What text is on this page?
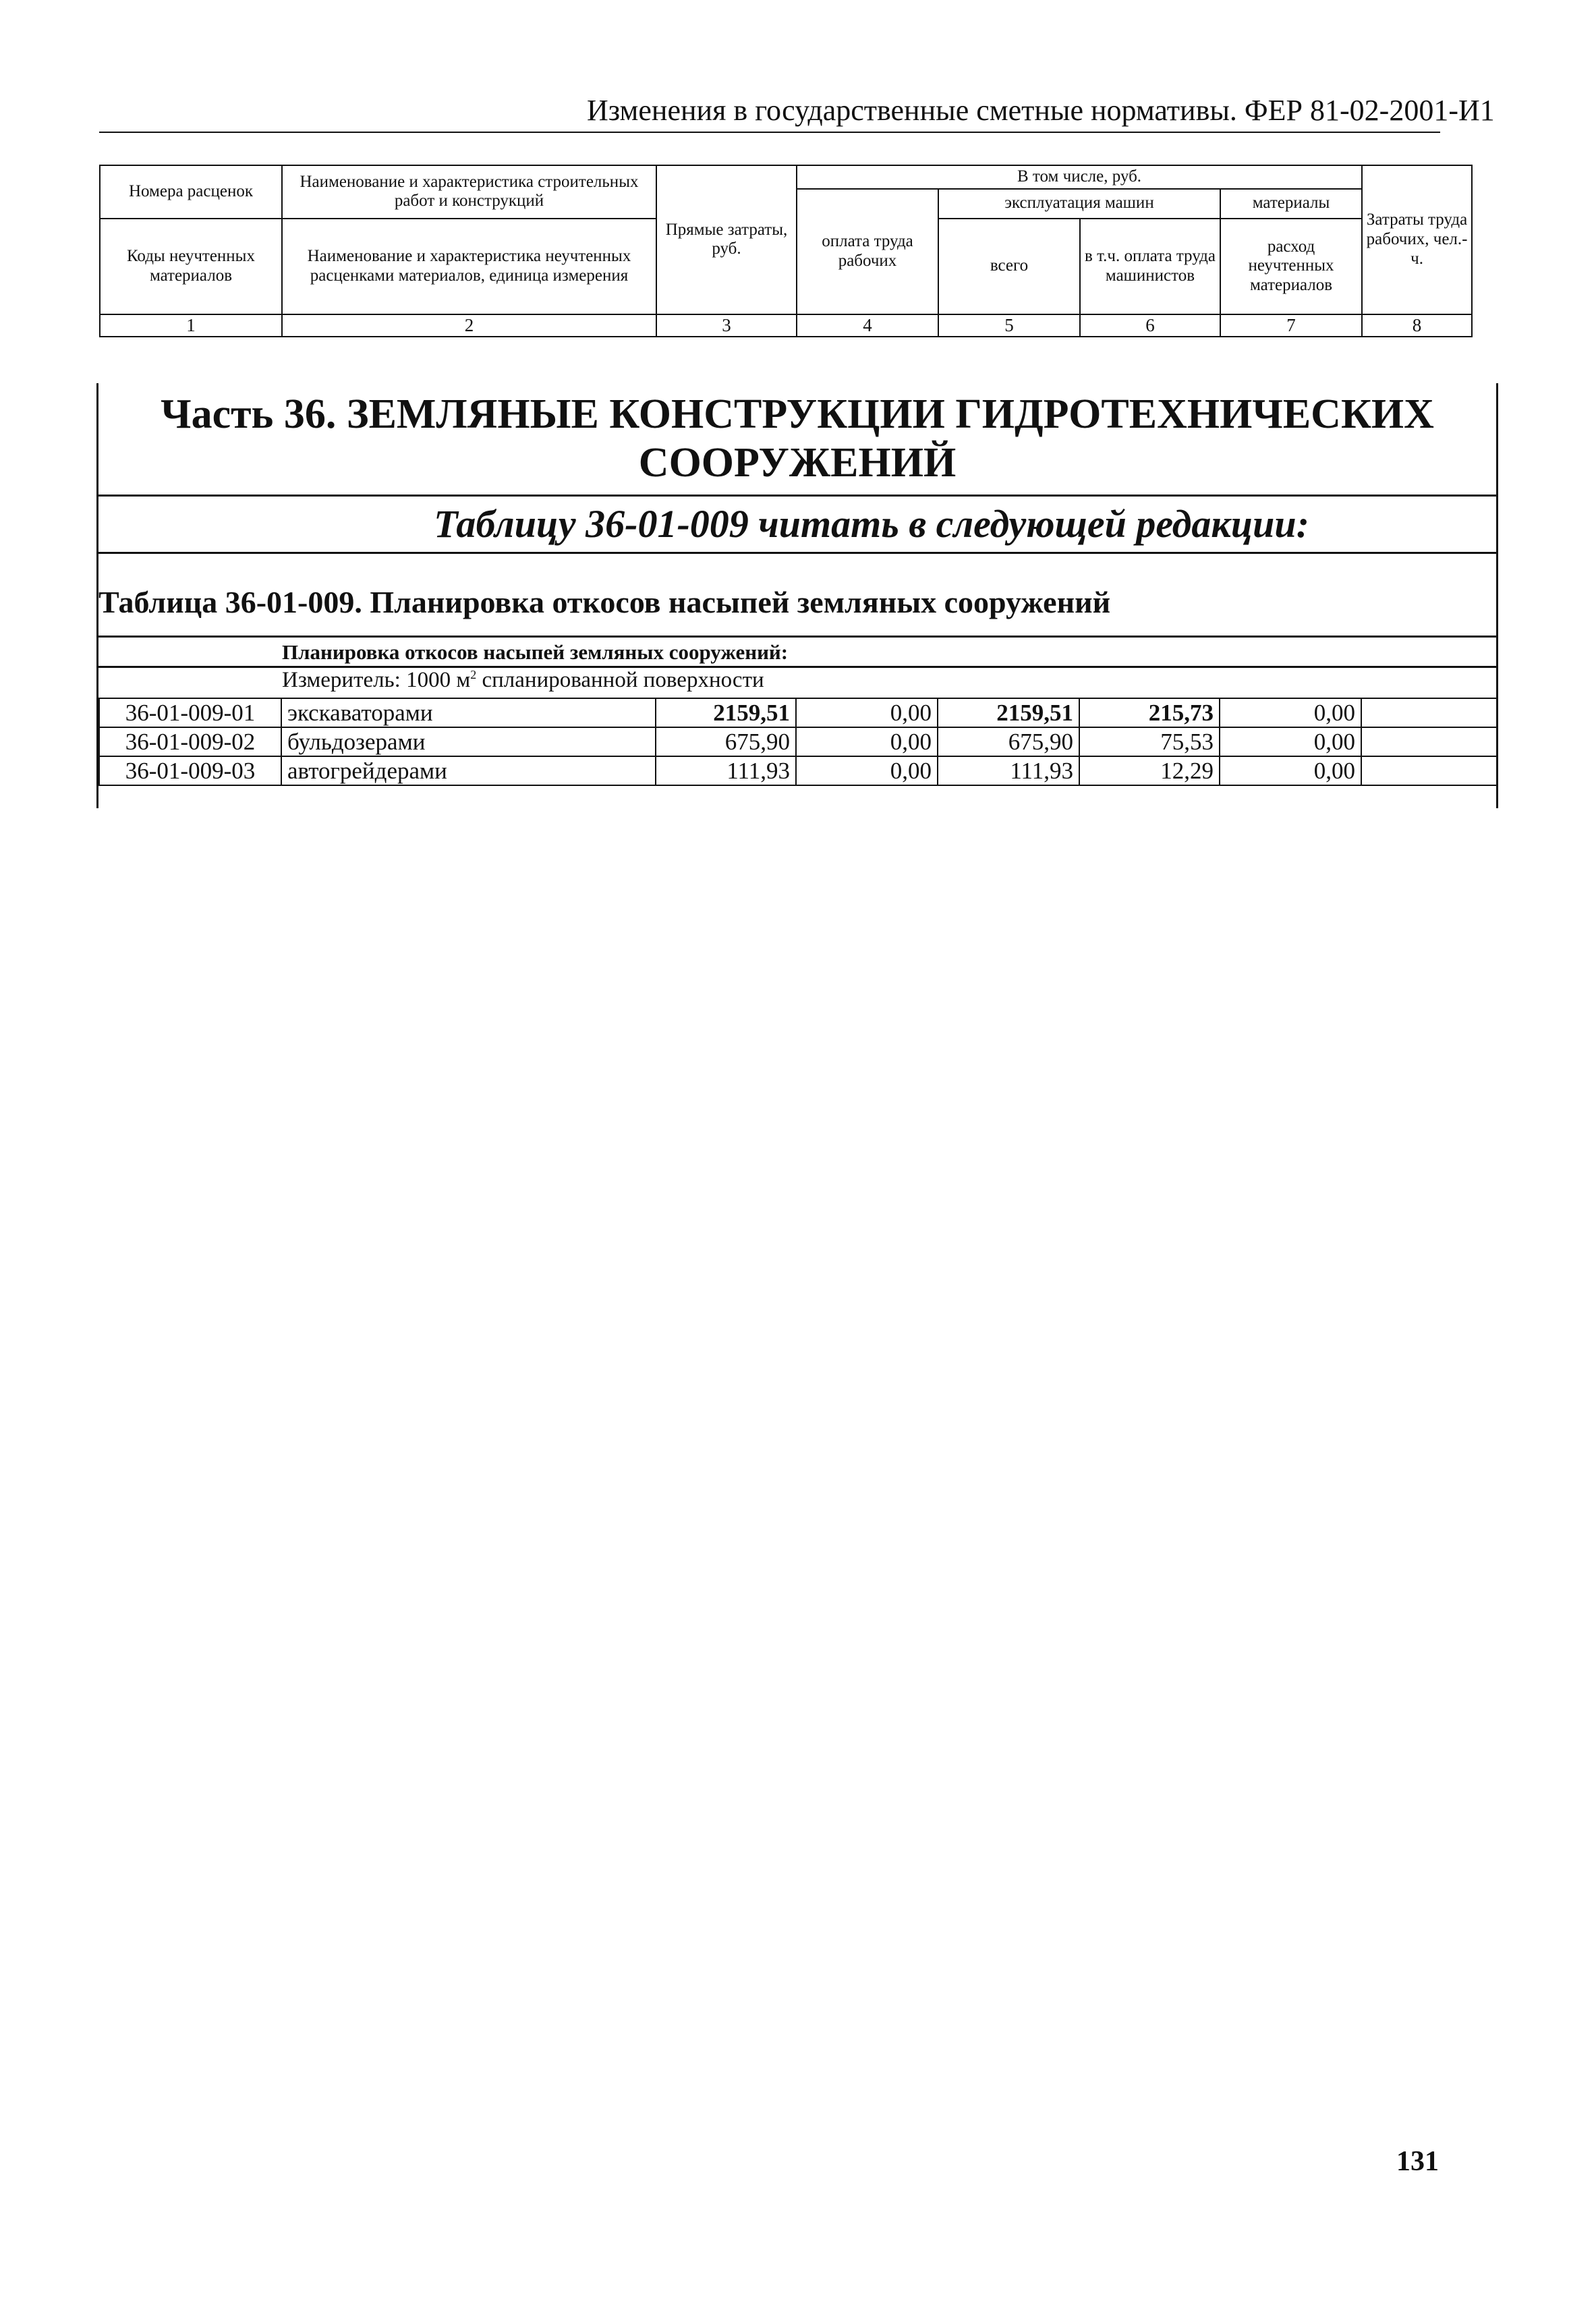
Изменения в государственные сметные нормативы. ФЕР 81-02-2001-И1
Номера расценок	Наименование и характеристика строительных работ и конструкций	Прямые затраты, руб.	В том числе, руб.				Затраты труда рабочих, чел.-ч.
			оплата труда рабочих	эксплуатация машин		материалы	
Коды неучтенных материалов	Наименование и характеристика неучтенных расценками материалов, единица измерения			всего	в т.ч. оплата труда машинистов	расход неучтенных материалов	

1	2	3	4	5	6	7	8
Часть 36. ЗЕМЛЯНЫЕ КОНСТРУКЦИИ ГИДРОТЕХНИЧЕСКИХ СООРУЖЕНИЙ
Таблицу 36-01-009 читать в следующей редакции:
Таблица 36-01-009. Планировка откосов насыпей земляных сооружений
Планировка откосов насыпей земляных сооружений:
Измеритель: 1000 $м^2$ спланированной поверхности
36-01-009-01	экскаваторами	2159,51	0,00	2159,51	215,73	0,00	
36-01-009-02	бульдозерами	675,90	0,00	675,90	75,53	0,00	
36-01-009-03	автогрейдерами	111,93	0,00	111,93	12,29	0,00	
131
